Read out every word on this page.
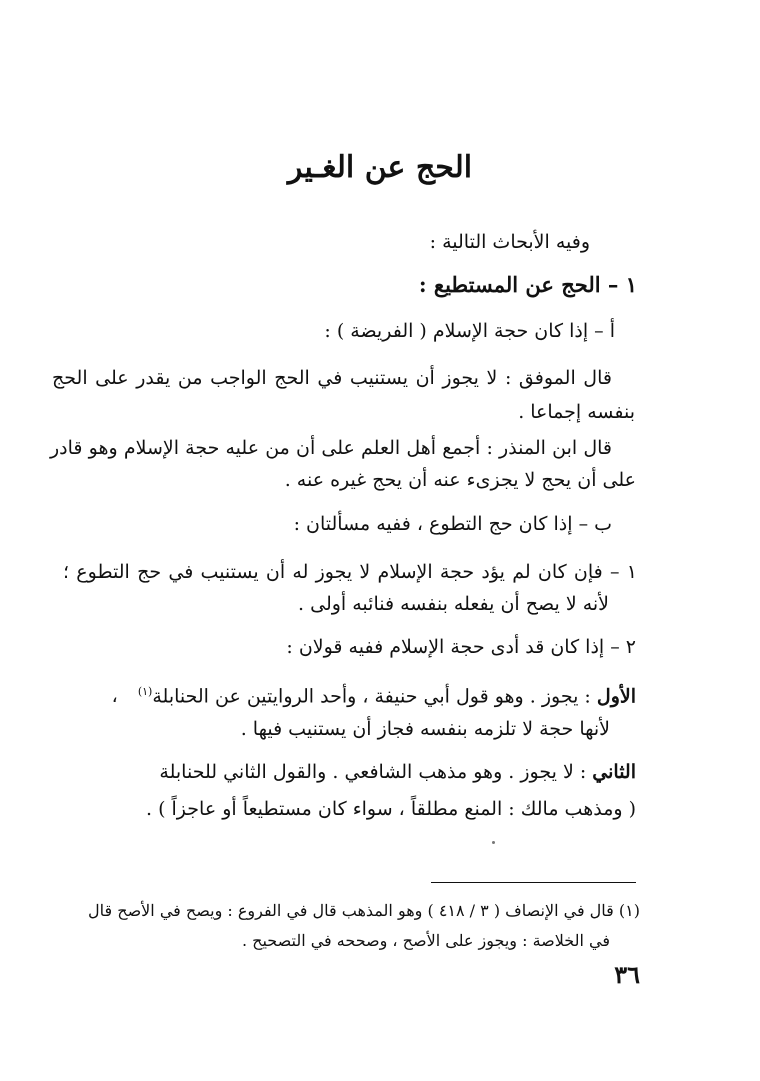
الحج عن الغـير
وفيه الأبحاث التالية :
١ – الحج عن المستطيع :
أ – إذا كان حجة الإسلام ( الفريضة ) :
قال الموفق : لا يجوز أن يستنيب في الحج الواجب من يقدر على الحج
بنفسه إجماعا .
قال ابن المنذر : أجمع أهل العلم على أن من عليه حجة الإسلام وهو قادر
على أن يحج لا يجزىء عنه أن يحج غيره عنه .
ب – إذا كان حج التطوع ، ففيه مسألتان :
١ – فإن كان لم يؤد حجة الإسلام لا يجوز له أن يستنيب في حج التطوع ؛
لأنه لا يصح أن يفعله بنفسه فنائبه أولى .
٢ – إذا كان قد أدى حجة الإسلام ففيه قولان :
الأول : يجوز . وهو قول أبي حنيفة ، وأحد الروايتين عن الحنابلة$^{(١)}$ ،
لأنها حجة لا تلزمه بنفسه فجاز أن يستنيب فيها .
الثاني : لا يجوز . وهو مذهب الشافعي . والقول الثاني للحنابلة
( ومذهب مالك : المنع مطلقاً ، سواء كان مستطيعاً أو عاجزاً ) .
(١) قال في الإنصاف ( ٣ / ٤١٨ ) وهو المذهب قال في الفروع : ويصح في الأصح قال
في الخلاصة : ويجوز على الأصح ، وصححه في التصحيح .
٣٦
